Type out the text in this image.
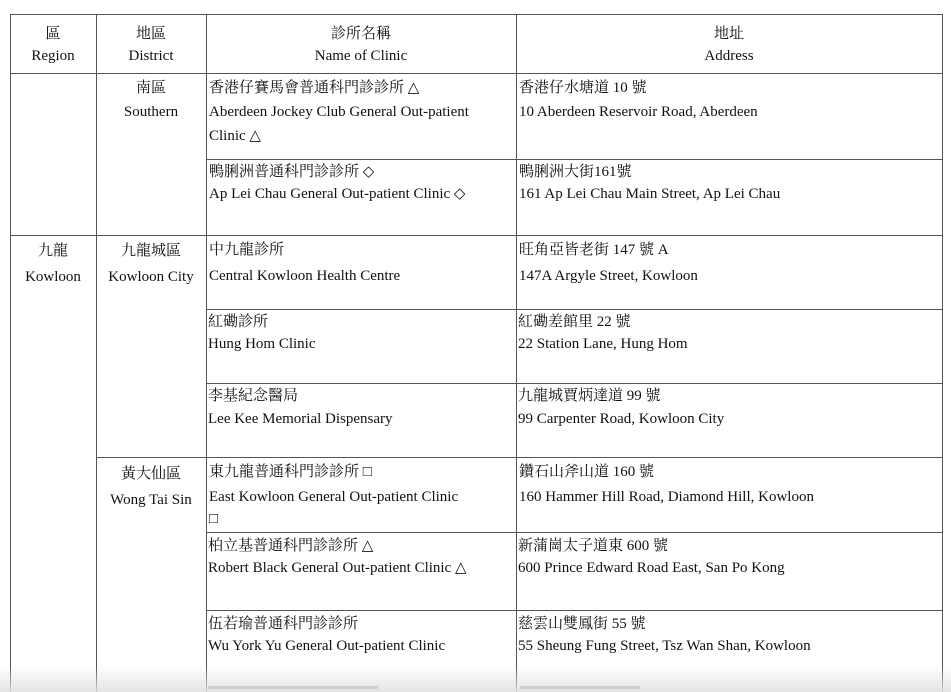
區
Region
地區
District
診所名稱
Name of Clinic
地址
Address
九龍
Kowloon
南區
Southern
九龍城區
Kowloon City
黃大仙區
Wong Tai Sin
香港仔賽馬會普通科門診診所 △
Aberdeen Jockey Club General Out-patient
Clinic △
香港仔水塘道 10 號
10 Aberdeen Reservoir Road, Aberdeen
鴨脷洲普通科門診診所 ◇
Ap Lei Chau General Out-patient Clinic ◇
鴨脷洲大街161號
161 Ap Lei Chau Main Street, Ap Lei Chau
中九龍診所
Central Kowloon Health Centre
旺角亞皆老街 147 號 A
147A Argyle Street, Kowloon
紅磡診所
Hung Hom Clinic
紅磡差館里 22 號
22 Station Lane, Hung Hom
李基紀念醫局
Lee Kee Memorial Dispensary
九龍城賈炳達道 99 號
99 Carpenter Road, Kowloon City
東九龍普通科門診診所 □
East Kowloon General Out-patient Clinic
□
鑽石山斧山道 160 號
160 Hammer Hill Road, Diamond Hill, Kowloon
柏立基普通科門診診所 △
Robert Black General Out-patient Clinic △
新蒲崗太子道東 600 號
600 Prince Edward Road East, San Po Kong
伍若瑜普通科門診診所
Wu York Yu General Out-patient Clinic
慈雲山雙鳳街 55 號
55 Sheung Fung Street, Tsz Wan Shan, Kowloon
